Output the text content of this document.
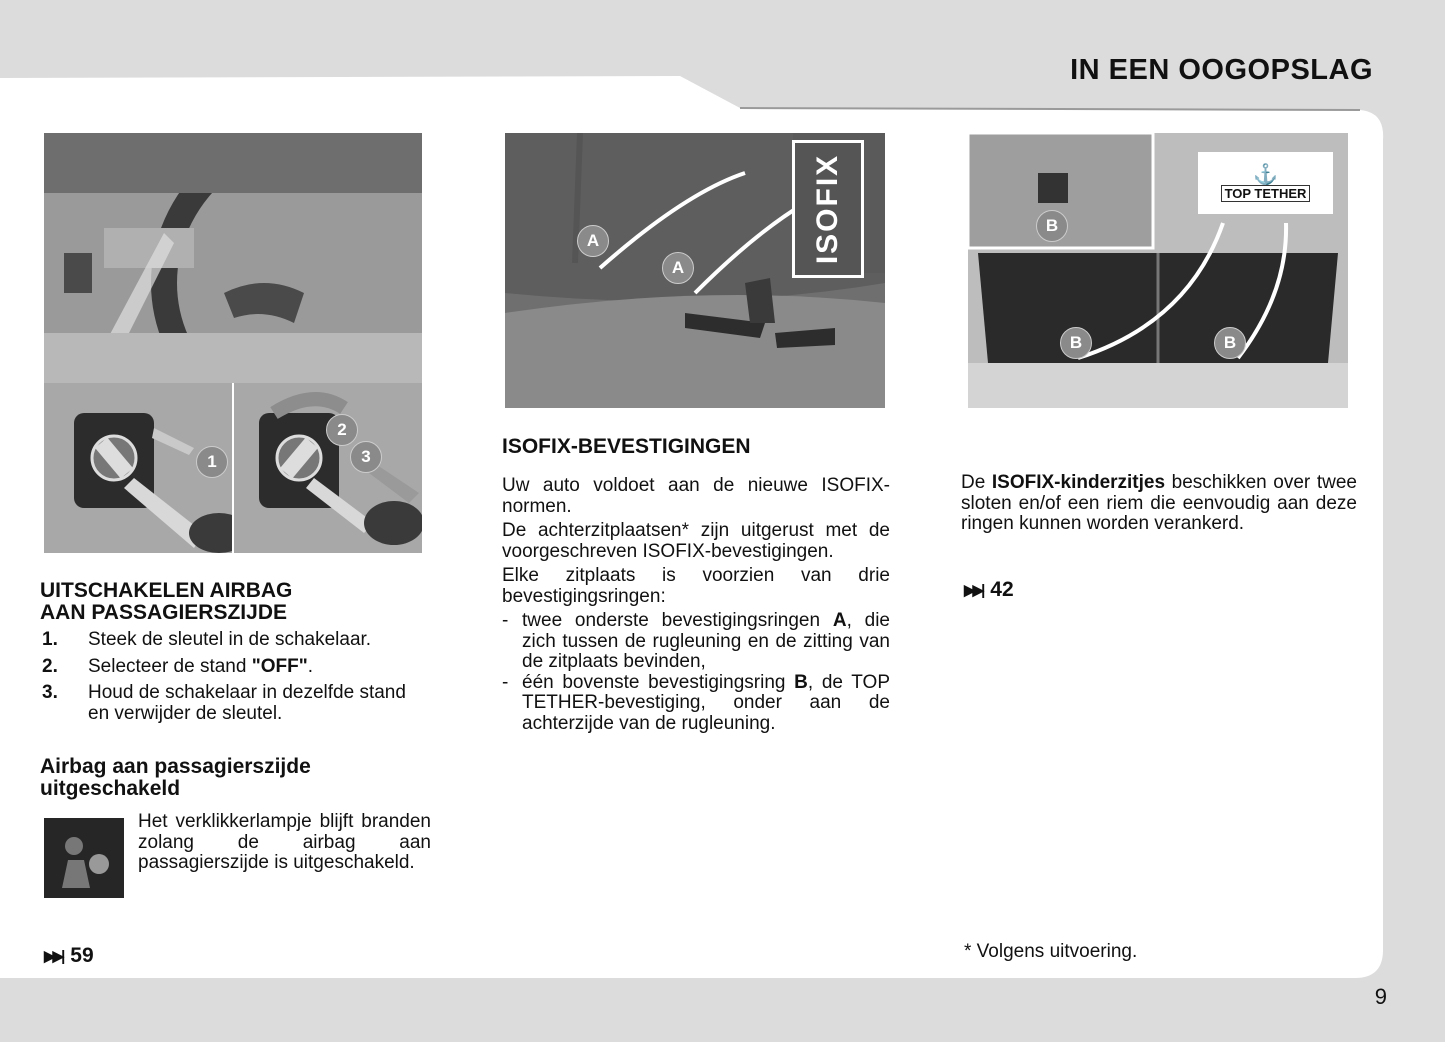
IN EEN OOGOPSLAG
1
2
3
UITSCHAKELEN AIRBAG
AAN PASSAGIERSZIJDE
1. Steek de sleutel in de schakelaar.
2. Selecteer de stand "OFF".
3. Houd de schakelaar in dezelfde stand en verwijder de sleutel.
Airbag aan passagierszijde
uitgeschakeld
Het verklikkerlampje blijft branden zolang de airbag aan passagierszijde is uitgeschakeld.
▶▶| 59
ISOFIX
A
A
ISOFIX-BEVESTIGINGEN

Uw auto voldoet aan de nieuwe ISOFIX-normen.

De achterzitplaatsen* zijn uitgerust met de voorgeschreven ISOFIX-bevestigingen.

Elke zitplaats is voorzien van drie bevestigingsringen:

- twee onderste bevestigingsringen A, die zich tussen de rugleuning en de zitting van de zitplaats bevinden,
- één bovenste bevestigingsring B, de TOP TETHER-bevestiging, onder aan de achterzijde van de rugleuning.
⚓
TOP TETHER
B
B	B
De ISOFIX-kinderzitjes beschikken over twee sloten en/of een riem die eenvoudig aan deze ringen kunnen worden verankerd.
▶▶| 42
* Volgens uitvoering.
9
